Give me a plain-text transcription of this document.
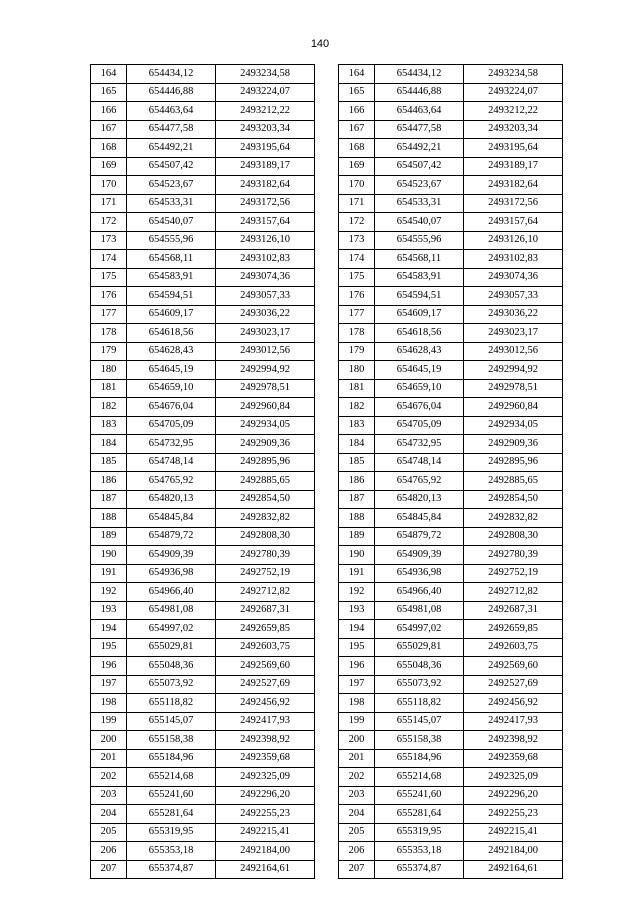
140
164	654434,12	2493234,58
165	654446,88	2493224,07
166	654463,64	2493212,22
167	654477,58	2493203,34
168	654492,21	2493195,64
169	654507,42	2493189,17
170	654523,67	2493182,64
171	654533,31	2493172,56
172	654540,07	2493157,64
173	654555,96	2493126,10
174	654568,11	2493102,83
175	654583,91	2493074,36
176	654594,51	2493057,33
177	654609,17	2493036,22
178	654618,56	2493023,17
179	654628,43	2493012,56
180	654645,19	2492994,92
181	654659,10	2492978,51
182	654676,04	2492960,84
183	654705,09	2492934,05
184	654732,95	2492909,36
185	654748,14	2492895,96
186	654765,92	2492885,65
187	654820,13	2492854,50
188	654845,84	2492832,82
189	654879,72	2492808,30
190	654909,39	2492780,39
191	654936,98	2492752,19
192	654966,40	2492712,82
193	654981,08	2492687,31
194	654997,02	2492659,85
195	655029,81	2492603,75
196	655048,36	2492569,60
197	655073,92	2492527,69
198	655118,82	2492456,92
199	655145,07	2492417,93
200	655158,38	2492398,92
201	655184,96	2492359,68
202	655214,68	2492325,09
203	655241,60	2492296,20
204	655281,64	2492255,23
205	655319,95	2492215,41
206	655353,18	2492184,00
207	655374,87	2492164,61
164	654434,12	2493234,58
165	654446,88	2493224,07
166	654463,64	2493212,22
167	654477,58	2493203,34
168	654492,21	2493195,64
169	654507,42	2493189,17
170	654523,67	2493182,64
171	654533,31	2493172,56
172	654540,07	2493157,64
173	654555,96	2493126,10
174	654568,11	2493102,83
175	654583,91	2493074,36
176	654594,51	2493057,33
177	654609,17	2493036,22
178	654618,56	2493023,17
179	654628,43	2493012,56
180	654645,19	2492994,92
181	654659,10	2492978,51
182	654676,04	2492960,84
183	654705,09	2492934,05
184	654732,95	2492909,36
185	654748,14	2492895,96
186	654765,92	2492885,65
187	654820,13	2492854,50
188	654845,84	2492832,82
189	654879,72	2492808,30
190	654909,39	2492780,39
191	654936,98	2492752,19
192	654966,40	2492712,82
193	654981,08	2492687,31
194	654997,02	2492659,85
195	655029,81	2492603,75
196	655048,36	2492569,60
197	655073,92	2492527,69
198	655118,82	2492456,92
199	655145,07	2492417,93
200	655158,38	2492398,92
201	655184,96	2492359,68
202	655214,68	2492325,09
203	655241,60	2492296,20
204	655281,64	2492255,23
205	655319,95	2492215,41
206	655353,18	2492184,00
207	655374,87	2492164,61
